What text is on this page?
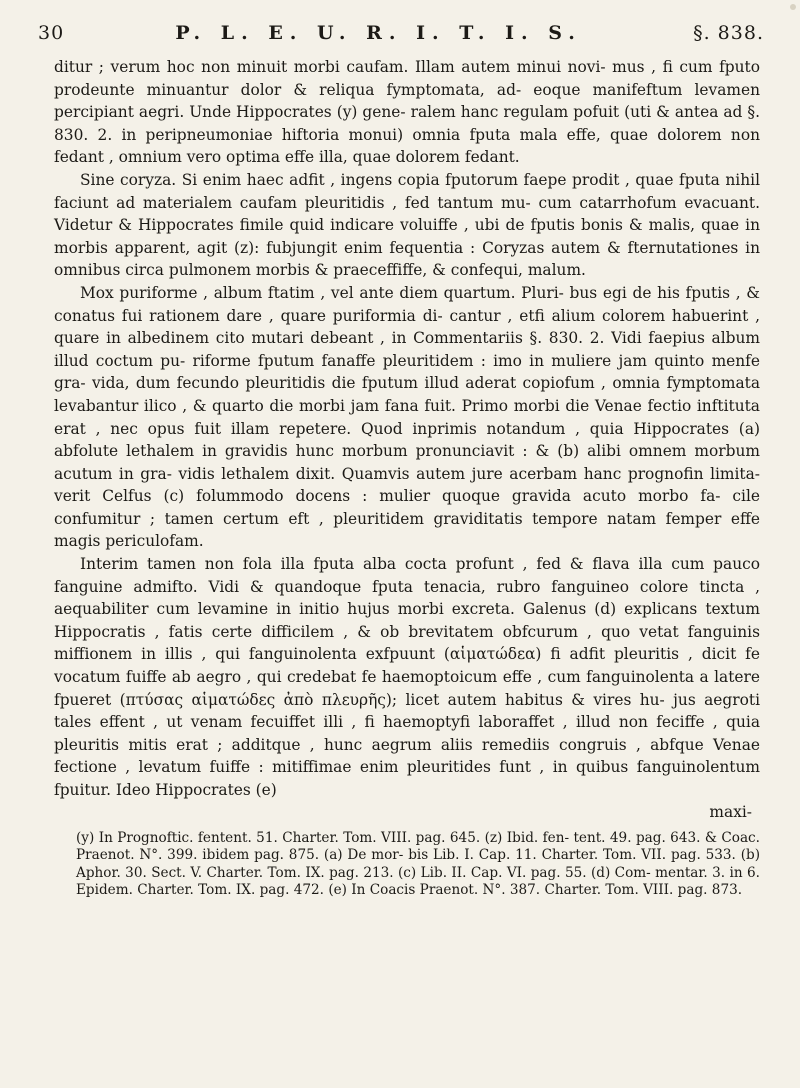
30	P. L. E. U. R. I. T. I. S.	§. 838.

ditur ; verum hoc non minuit morbi caufam. Illam autem minui novi- mus , fi cum fputo prodeunte minuantur dolor & reliqua fymptomata, ad- eoque manifeftum levamen percipiant aegri. Unde Hippocrates (y) gene- ralem hanc regulam pofuit (uti & antea ad §. 830. 2. in peripneumoniae hiftoria monui) omnia fputa mala effe, quae dolorem non fedant , omnium vero optima effe illa, quae dolorem fedant.

Sine coryza. Si enim haec adfit , ingens copia fputorum faepe prodit , quae fputa nihil faciunt ad materialem caufam pleuritidis , fed tantum mu- cum catarrhofum evacuant. Videtur & Hippocrates fimile quid indicare voluiffe , ubi de fputis bonis & malis, quae in morbis apparent, agit (z): fubjungit enim fequentia : Coryzas autem & fternutationes in omnibus circa pulmonem morbis & praeceffiffe, & confequi, malum.

Mox puriforme , album ftatim , vel ante diem quartum. Pluri- bus egi de his fputis , & conatus fui rationem dare , quare puriformia di- cantur , etfi alium colorem habuerint , quare in albedinem cito mutari debeant , in Commentariis §. 830. 2. Vidi faepius album illud coctum pu- riforme fputum fanaffe pleuritidem : imo in muliere jam quinto menfe gra- vida, dum fecundo pleuritidis die fputum illud aderat copiofum , omnia fymptomata levabantur ilico , & quarto die morbi jam fana fuit. Primo morbi die Venae fectio inftituta erat , nec opus fuit illam repetere. Quod inprimis notandum , quia Hippocrates (a) abfolute lethalem in gravidis hunc morbum pronunciavit : & (b) alibi omnem morbum acutum in gra- vidis lethalem dixit. Quamvis autem jure acerbam hanc prognofin limita- verit Celfus (c) folummodo docens : mulier quoque gravida acuto morbo fa- cile confumitur ; tamen certum eft , pleuritidem graviditatis tempore natam femper effe magis periculofam.

Interim tamen non fola illa fputa alba cocta profunt , fed & flava illa cum pauco fanguine admifto. Vidi & quandoque fputa tenacia, rubro fanguineo colore tincta , aequabiliter cum levamine in initio hujus morbi excreta. Galenus (d) explicans textum Hippocratis , fatis certe difficilem , & ob brevitatem obfcurum , quo vetat fanguinis miffionem in illis , qui fanguinolenta exfpuunt (αἱματώδεα) fi adfit pleuritis , dicit fe vocatum fuiffe ab aegro , qui credebat fe haemoptoicum effe , cum fanguinolenta a latere fpueret (πτύσας αἱματώδες ἀπὸ πλευρῆς); licet autem habitus & vires hu- jus aegroti tales effent , ut venam fecuiffet illi , fi haemoptyfi laboraffet , illud non feciffe , quia pleuritis mitis erat ; additque , hunc aegrum aliis remediis congruis , abfque Venae fectione , levatum fuiffe : mitiffimae enim pleuritides funt , in quibus fanguinolentum fpuitur. Ideo Hippocrates (e)

maxi-

(y) In Prognoftic. fentent. 51. Charter. Tom. VIII. pag. 645. (z) Ibid. fen- tent. 49. pag. 643. & Coac. Praenot. N°. 399. ibidem pag. 875. (a) De mor- bis Lib. I. Cap. 11. Charter. Tom. VII. pag. 533. (b) Aphor. 30. Sect. V. Charter. Tom. IX. pag. 213. (c) Lib. II. Cap. VI. pag. 55. (d) Com- mentar. 3. in 6. Epidem. Charter. Tom. IX. pag. 472. (e) In Coacis Praenot. N°. 387. Charter. Tom. VIII. pag. 873.
